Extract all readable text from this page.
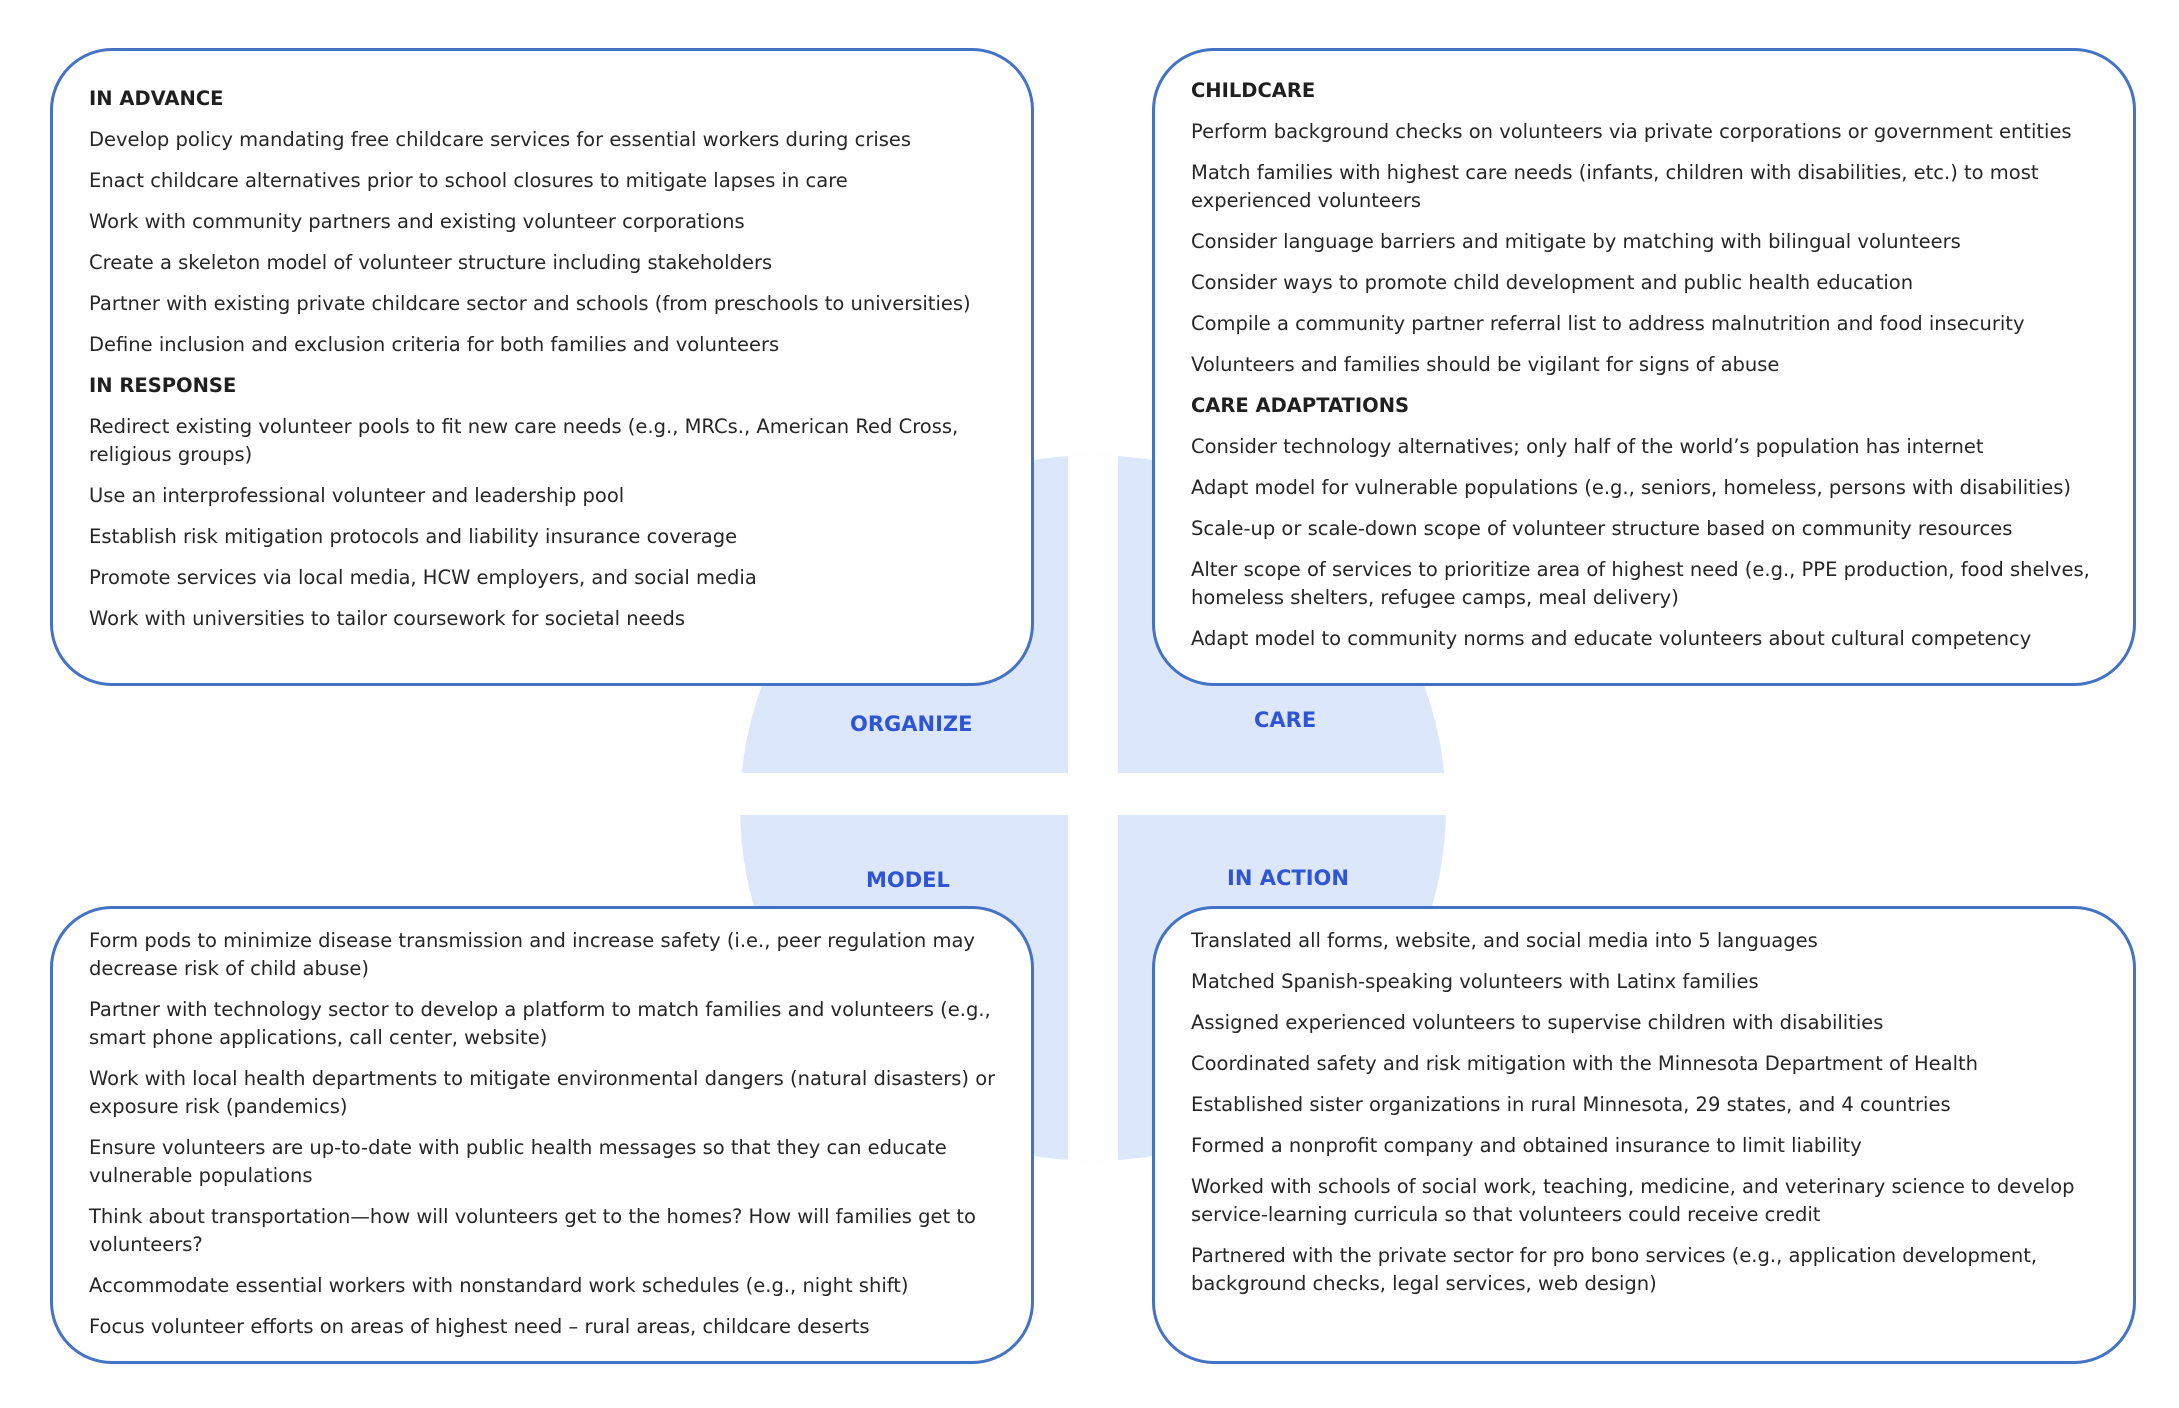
IN ADVANCE
Develop policy mandating free childcare services for essential workers during crises
Enact childcare alternatives prior to school closures to mitigate lapses in care
Work with community partners and existing volunteer corporations
Create a skeleton model of volunteer structure including stakeholders
Partner with existing private childcare sector and schools (from preschools to universities)
Define inclusion and exclusion criteria for both families and volunteers
IN RESPONSE
Redirect existing volunteer pools to fit new care needs (e.g., MRCs., American Red Cross, religious groups)
Use an interprofessional volunteer and leadership pool
Establish risk mitigation protocols and liability insurance coverage
Promote services via local media, HCW employers, and social media
Work with universities to tailor coursework for societal needs
CHILDCARE
Perform background checks on volunteers via private corporations or government entities
Match families with highest care needs (infants, children with disabilities, etc.) to most experienced volunteers
Consider language barriers and mitigate by matching with bilingual volunteers
Consider ways to promote child development and public health education
Compile a community partner referral list to address malnutrition and food insecurity
Volunteers and families should be vigilant for signs of abuse
CARE ADAPTATIONS
Consider technology alternatives; only half of the world’s population has internet
Adapt model for vulnerable populations (e.g., seniors, homeless, persons with disabilities)
Scale-up or scale-down scope of volunteer structure based on community resources
Alter scope of services to prioritize area of highest need (e.g., PPE production, food shelves, homeless shelters, refugee camps, meal delivery)
Adapt model to community norms and educate volunteers about cultural competency
Form pods to minimize disease transmission and increase safety (i.e., peer regulation may decrease risk of child abuse)
Partner with technology sector to develop a platform to match families and volunteers (e.g., smart phone applications, call center, website)
Work with local health departments to mitigate environmental dangers (natural disasters) or exposure risk (pandemics)
Ensure volunteers are up-to-date with public health messages so that they can educate vulnerable populations
Think about transportation—how will volunteers get to the homes? How will families get to volunteers?
Accommodate essential workers with nonstandard work schedules (e.g., night shift)
Focus volunteer efforts on areas of highest need – rural areas, childcare deserts
Translated all forms, website, and social media into 5 languages
Matched Spanish-speaking volunteers with Latinx families
Assigned experienced volunteers to supervise children with disabilities
Coordinated safety and risk mitigation with the Minnesota Department of Health
Established sister organizations in rural Minnesota, 29 states, and 4 countries
Formed a nonprofit company and obtained insurance to limit liability
Worked with schools of social work, teaching, medicine, and veterinary science to develop service-learning curricula so that volunteers could receive credit
Partnered with the private sector for pro bono services (e.g., application development, background checks, legal services, web design)
ORGANIZE	CARE
MODEL	IN ACTION
